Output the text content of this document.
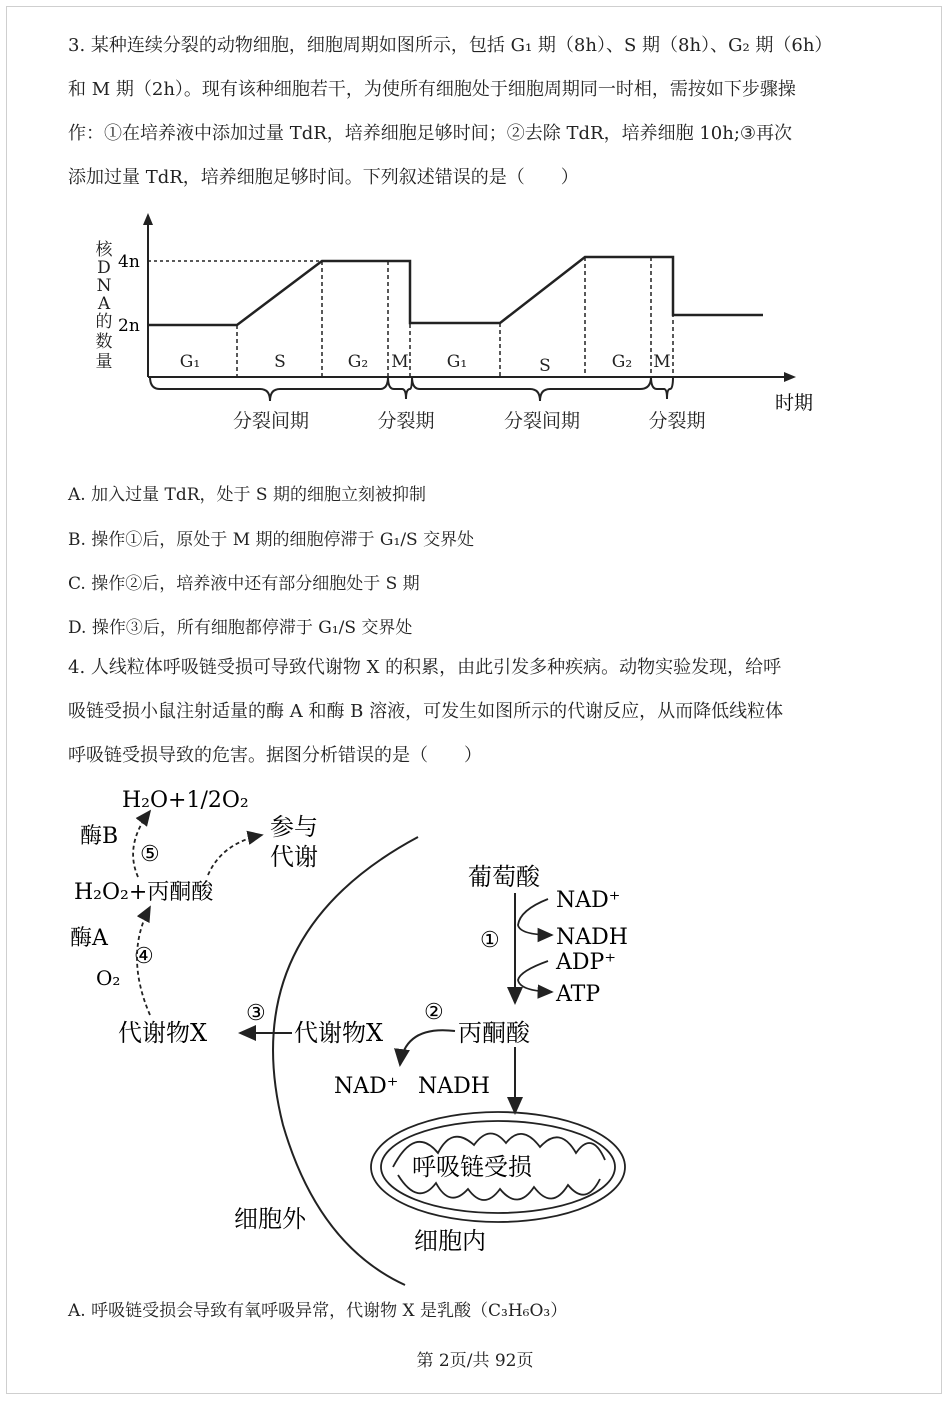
3. 某种连续分裂的动物细胞，细胞周期如图所示，包括 G₁ 期（8h）、S 期（8h）、G₂ 期（6h）
和 M 期（2h）。现有该种细胞若干，为使所有细胞处于细胞周期同一时相，需按如下步骤操
作：①在培养液中添加过量 TdR，培养细胞足够时间；②去除 TdR，培养细胞 10h;③再次
添加过量 TdR，培养细胞足够时间。下列叙述错误的是（　　）
核
D
N
A
的
数
量
4n
2n
G₁	S	G₂ M G₁	S	G₂ M
分裂间期	分裂期	分裂间期	分裂期
时期
A. 加入过量 TdR，处于 S 期的细胞立刻被抑制
B. 操作①后，原处于 M 期的细胞停滞于 G₁/S 交界处
C. 操作②后，培养液中还有部分细胞处于 S 期
D. 操作③后，所有细胞都停滞于 G₁/S 交界处
4. 人线粒体呼吸链受损可导致代谢物 X 的积累，由此引发多种疾病。动物实验发现，给呼
吸链受损小鼠注射适量的酶 A 和酶 B 溶液，可发生如图所示的代谢反应，从而降低线粒体
呼吸链受损导致的危害。据图分析错误的是（　　）
H₂O+1/2O₂
酶B
⑤
参与
代谢
H₂O₂+丙酮酸
酶A
④
O₂
代谢物X
③
代谢物X
葡萄酸
①
NAD⁺
NADH
ADP⁺
ATP
丙酮酸
②
NAD⁺ NADH
呼吸链受损
细胞外
细胞内
A. 呼吸链受损会导致有氧呼吸异常，代谢物 X 是乳酸（C₃H₆O₃）
第 2页/共 92页
